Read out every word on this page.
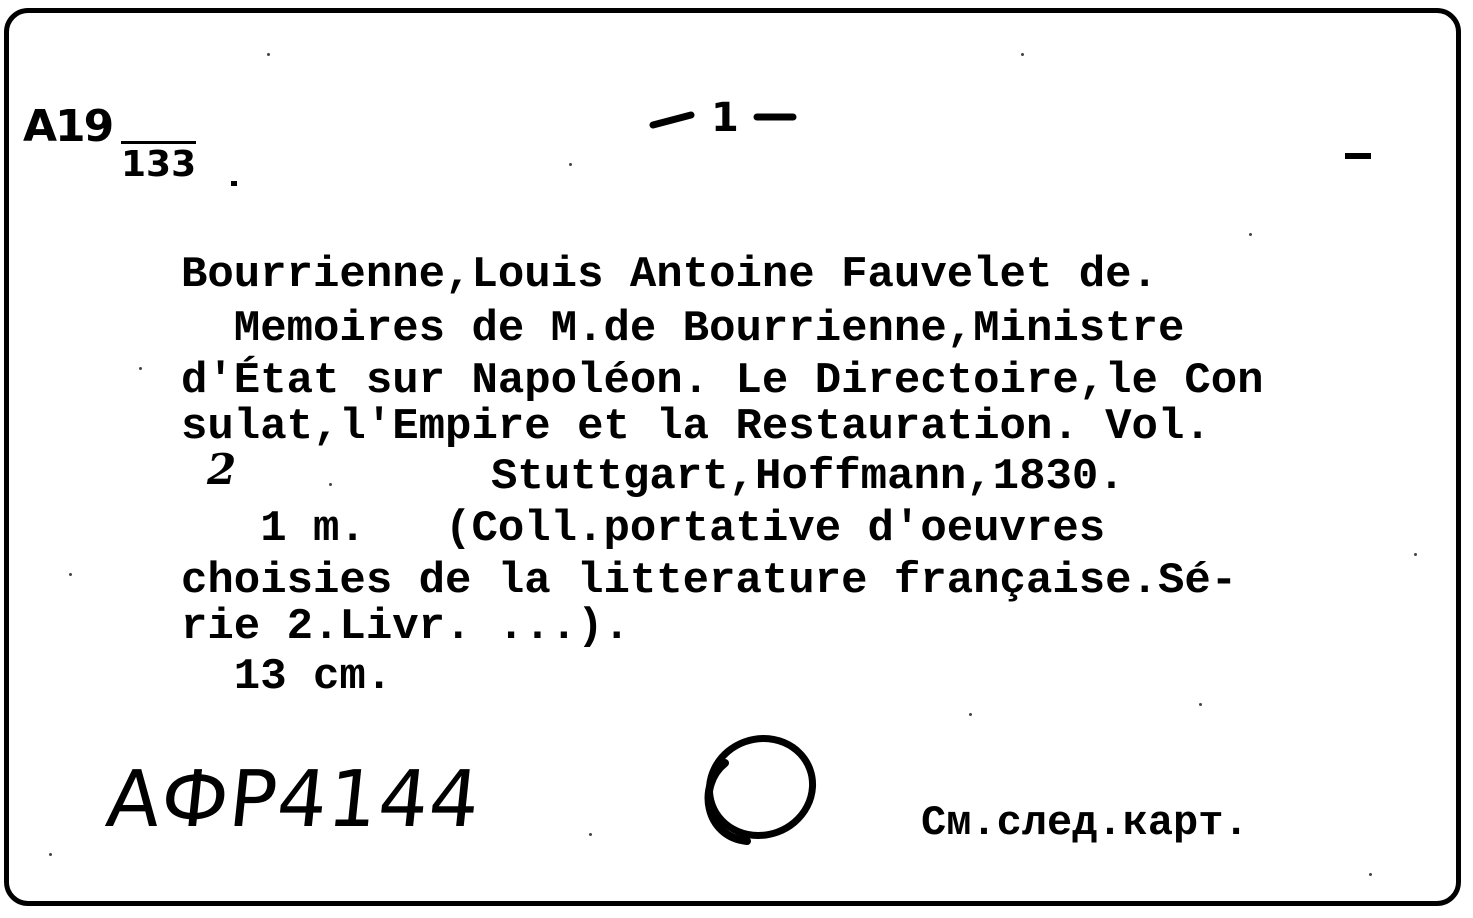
А19
133
1

Bourrienne,Louis Antoine Fauvelet de.

Memoires de M.de Bourrienne,Ministre

d'État sur Napoléon. Le Directoire,le Con

sulat,l'Empire et la Restauration. Vol.

2	Stuttgart,Hoffmann,1830.

1 m.   (Coll.portative d'oeuvres

choisies de la litterature française.Sé-

rie 2.Livr. ...).

13 cm.

АФР4144	См.след.карт.
